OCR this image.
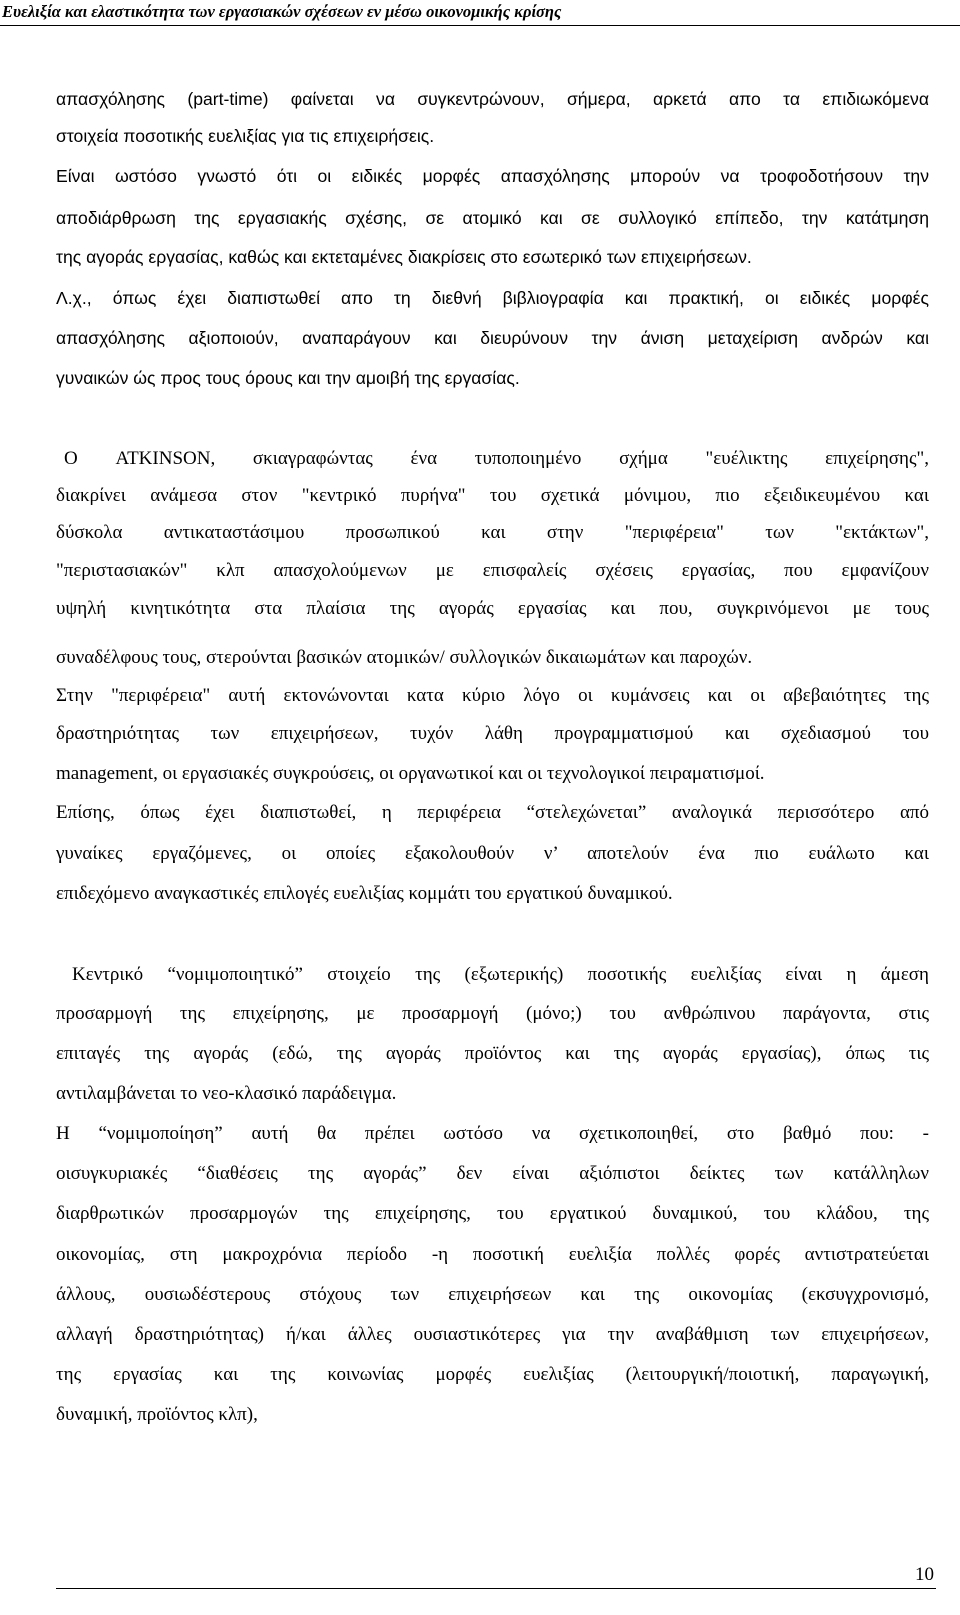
Ευελιξία και ελαστικότητα των εργασιακών σχέσεων εν μέσω οικονομικής κρίσης
απασχόλησης (part-time) φαίνεται να συγκεντρώνουν, σήμερα, αρκετά απο τα επιδιωκόμενα
στοιχεία ποσοτικής ευελιξίας για τις επιχειρήσεις.
Είναι ωστόσο γνωστό ότι οι ειδικές μορφές απασχόλησης μπορούν να τροφοδοτήσουν την
αποδιάρθρωση της εργασιακής σχέσης, σε ατομικό και σε συλλογικό επίπεδο, την κατάτμηση
της αγοράς εργασίας, καθώς και εκτεταμένες διακρίσεις στο εσωτερικό των επιχειρήσεων.
Λ.χ., όπως έχει διαπιστωθεί απο τη διεθνή βιβλιογραφία και πρακτική, οι ειδικές μορφές
απασχόλησης αξιοποιούν, αναπαράγουν και διευρύνουν την άνιση μεταχείριση ανδρών και
γυναικών ώς προς τους όρους και την αμοιβή της εργασίας.
Ο ATKINSON, σκιαγραφώντας ένα τυποποιημένο σχήμα "ευέλικτης επιχείρησης",
διακρίνει ανάμεσα στον "κεντρικό πυρήνα" του σχετικά μόνιμου, πιο εξειδικευμένου και
δύσκολα αντικαταστάσιμου προσωπικού και στην "περιφέρεια" των "εκτάκτων",
"περιστασιακών" κλπ απασχολούμενων με επισφαλείς σχέσεις εργασίας, που εμφανίζουν
υψηλή κινητικότητα στα πλαίσια της αγοράς εργασίας και που, συγκρινόμενοι με τους
συναδέλφους τους, στερούνται βασικών ατομικών/ συλλογικών δικαιωμάτων και παροχών.
Στην "περιφέρεια" αυτή εκτονώνονται κατα κύριο λόγο οι κυμάνσεις και οι αβεβαιότητες της
δραστηριότητας των επιχειρήσεων, τυχόν λάθη προγραμματισμού και σχεδιασμού του
management, οι εργασιακές συγκρούσεις, οι οργανωτικοί και οι τεχνολογικοί πειραματισμοί.
Επίσης, όπως έχει διαπιστωθεί, η περιφέρεια “στελεχώνεται” αναλογικά περισσότερο από
γυναίκες εργαζόμενες, οι οποίες εξακολουθούν ν’ αποτελούν ένα πιο ευάλωτο και
επιδεχόμενο αναγκαστικές επιλογές ευελιξίας κομμάτι του εργατικού δυναμικού.
Κεντρικό “νομιμοποιητικό” στοιχείο της (εξωτερικής) ποσοτικής ευελιξίας είναι η άμεση
προσαρμογή της επιχείρησης, με προσαρμογή (μόνο;) του ανθρώπινου παράγοντα, στις
επιταγές της αγοράς (εδώ, της αγοράς προϊόντος και της αγοράς εργασίας), όπως τις
αντιλαμβάνεται το νεο-κλασικό παράδειγμα.
Η “νομιμοποίηση” αυτή θα πρέπει ωστόσο να σχετικοποιηθεί, στο βαθμό που: -
οισυγκυριακές “διαθέσεις της αγοράς” δεν είναι αξιόπιστοι δείκτες των κατάλληλων
διαρθρωτικών προσαρμογών της επιχείρησης, του εργατικού δυναμικού, του κλάδου, της
οικονομίας, στη μακροχρόνια περίοδο -η ποσοτική ευελιξία πολλές φορές αντιστρατεύεται
άλλους, ουσιωδέστερους στόχους των επιχειρήσεων και της οικονομίας (εκσυγχρονισμό,
αλλαγή δραστηριότητας) ή/και άλλες ουσιαστικότερες για την αναβάθμιση των επιχειρήσεων,
της εργασίας και της κοινωνίας μορφές ευελιξίας (λειτουργική/ποιοτική, παραγωγική,
δυναμική, προϊόντος κλπ),
10
